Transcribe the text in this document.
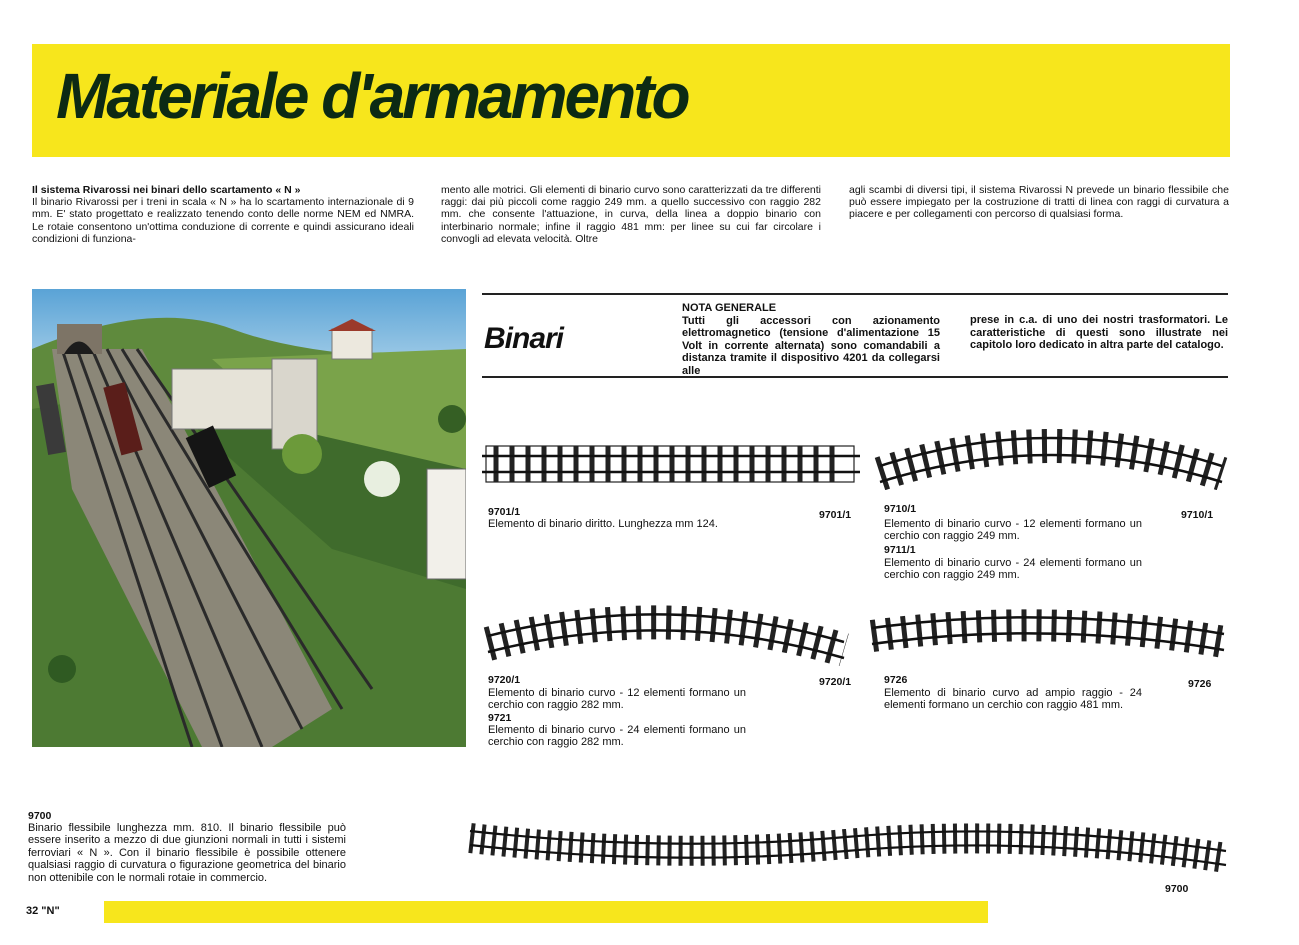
Materiale d'armamento
Il sistema Rivarossi nei binari dello scartamento « N »
Il binario Rivarossi per i treni in scala « N » ha lo scartamento internazionale di 9 mm. E' stato progettato e realizzato tenendo conto delle norme NEM ed NMRA. Le rotaie consentono un'ottima conduzione di corrente e quindi assicurano ideali condizioni di funziona-
mento alle motrici. Gli elementi di binario curvo sono caratterizzati da tre differenti raggi: dai più piccoli come raggio 249 mm. a quello successivo con raggio 282 mm. che consente l'attuazione, in curva, della linea a doppio binario con interbinario normale; infine il raggio 481 mm: per linee su cui far circolare i convogli ad elevata velocità. Oltre
agli scambi di diversi tipi, il sistema Rivarossi N prevede un binario flessibile che può essere impiegato per la costruzione di tratti di linea con raggi di curvatura a piacere e per collegamenti con percorso di qualsiasi forma.
Binari
NOTA GENERALE
Tutti gli accessori con azionamento elettromagnetico (tensione d'alimentazione 15 Volt in corrente alternata) sono comandabili a distanza tramite il dispositivo 4201 da collegarsi alle
prese in c.a. di uno dei nostri trasformatori. Le caratteristiche di questi sono illustrate nei capitolo loro dedicato in altra parte del catalogo.
9701/1	9701/1
Elemento di binario diritto. Lunghezza mm 124.
9710/1	9710/1
Elemento di binario curvo - 12 elementi formano un cerchio con raggio 249 mm.
9711/1
Elemento di binario curvo - 24 elementi formano un cerchio con raggio 249 mm.
9720/1	9720/1
Elemento di binario curvo - 12 elementi formano un cerchio con raggio 282 mm.
9721
Elemento di binario curvo - 24 elementi formano un cerchio con raggio 282 mm.
9726	9726
Elemento di binario curvo ad ampio raggio - 24 elementi formano un cerchio con raggio 481 mm.
9700
Binario flessibile lunghezza mm. 810. Il binario flessibile può essere inserito a mezzo di due giunzioni normali in tutti i sistemi ferroviari « N ». Con il binario flessibile è possibile ottenere qualsiasi raggio di curvatura o figurazione geometrica del binario non ottenibile con le normali rotaie in commercio.
9700
32 "N"
